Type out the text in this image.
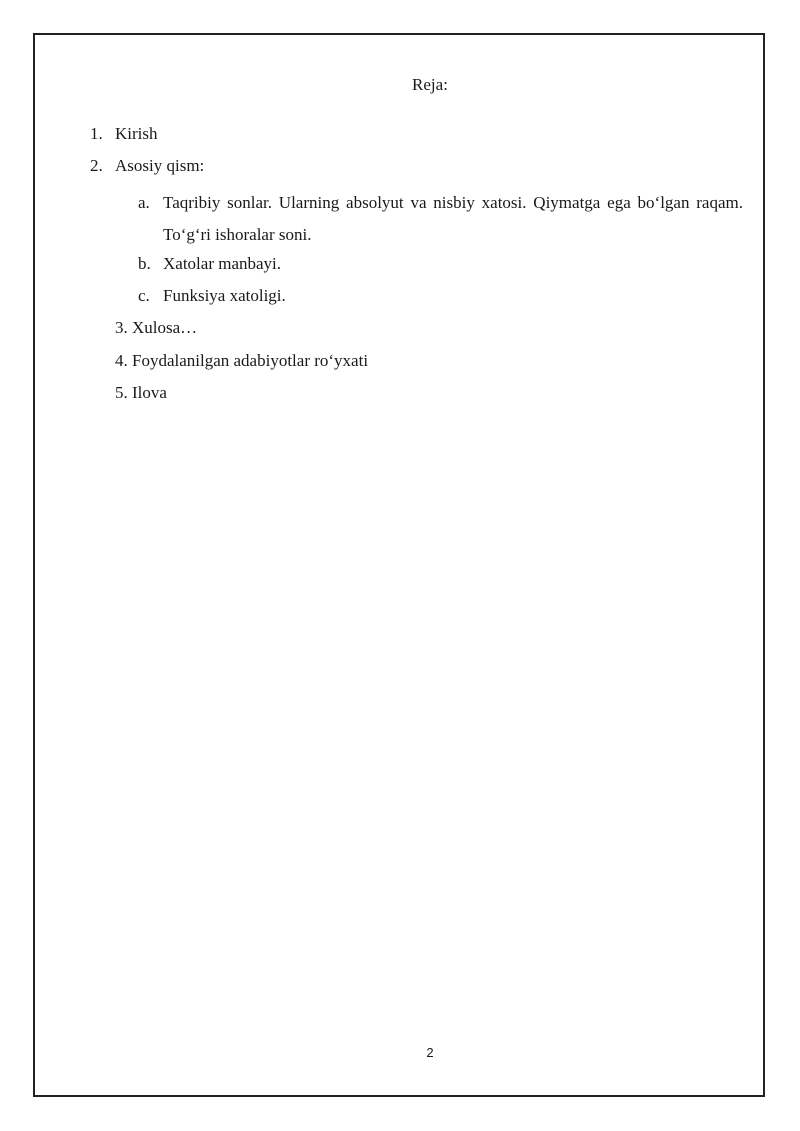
Reja:
1. Kirish
2. Asosiy qism:
a. Taqribiy sonlar. Ularning absolyut va nisbiy xatosi. Qiymatga ega bo‘lgan raqam. To‘g‘ri ishoralar soni.
b. Xatolar manbayi.
c. Funksiya xatoligi.
3. Xulosa…
4. Foydalanilgan adabiyotlar ro‘yxati
5. Ilova
2
